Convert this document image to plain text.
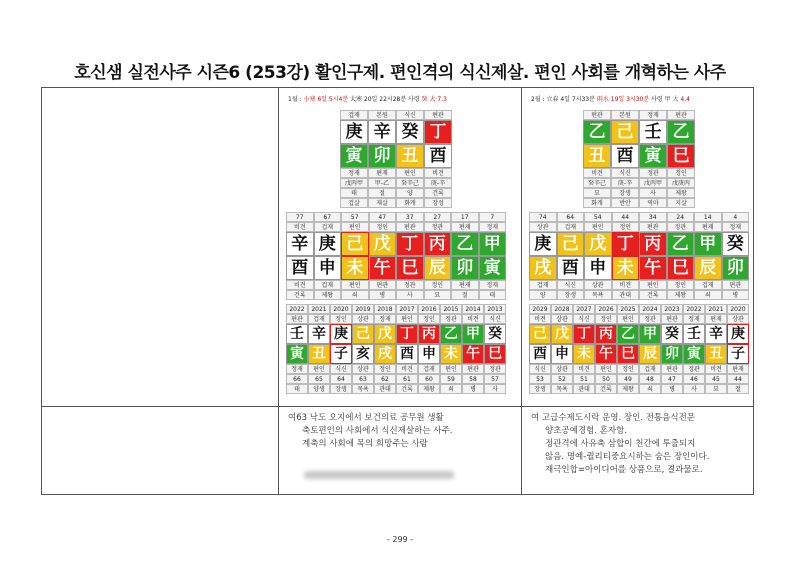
호신샘 실전사주 시즌6 (253강) 활인구제. 편인격의 식신제살. 편인 사회를 개혁하는 사주
1월 : 小寒 6일 5시4분 大寒 20일 22시28분 사령 癸 大 7.3
겁재	본원	식신	편관
庚 辛 癸 丁
寅 卯 丑 酉
정재	편재	편인	비견
戊丙甲	甲-乙	癸辛己	庚-辛
태	절	양	건록
겁살	재살	화개	장성
77	67	57	47	37	27	17	7
비견	겁재	편인	정인	편관	정관	편재	정재
辛 庚 己 戊 丁 丙 乙 甲
酉 申 未 午 巳 辰 卯 寅
비견	겁재	편인	편관	정관	정인	편재	정재
건록	제왕	쇠	병	사	묘	절	태
2022	2021	2020	2019	2018	2017	2016	2015	2014	2013
편관	겁재	정인	상관	정재	편인	정인	정관	비견	식신
壬 辛 庚 己 戊 丁 丙 乙 甲 癸
寅 丑 子 亥 戌 酉 申 未 午 巳
정재	편인	식신	상관	정인	비견	겁재	편인	편관	정관
66	65	64	63	62	61	60	59	58	57
태	양생	장생	목욕	관대	건록	제왕	쇠	병	사
2월 : 立春 4일 7시33분 雨水 19일 3시30분 사령 甲 大 4.4
편관	본원	정재	편관
乙 己 壬 乙
丑 酉 寅 巳
비견	식신	정관	정인
癸辛己	庚-辛	戊丙甲	戊庚丙
묘	장생	사	제왕
화개	반안	역마	지살
74	64	54	44	34	24	14	4
상관	겁재	편인	정인	편관	정관	편재	정재
庚 己 戊 丁 丙 乙 甲 癸
戌 酉 申 未 午 巳 辰 卯
겁재	식신	상관	비견	편인	정인	겁재	편관
양	장생	목욕	관대	건록	제왕	쇠	병
2029	2028	2027	2026	2025	2024	2023	2022	2021	2020
비견	상관	식신	정인	편인	정관	편관	정재	편재	상관
己 戊 丁 丙 乙 甲 癸 壬 辛 庚
酉 申 未 午 巳 辰 卯 寅 丑 子
식신	상관	비견	편인	정인	겁재	편관	정관	비견	편재
53	52	51	50	49	48	47	46	45	44
장생	목욕	관대	건록	제왕	쇠	병	사	묘	절
여63 낙도 오지에서 보건의료 공무원 생활
축토편인의 사회에서 식신제살하는 사주.
계축의 사회에 목의 희망주는 사람
여 고급수제도시락 운영. 장인. 전통음식전문
양초공예경험. 혼자함.
정관격에 사유축 삼합이 천간에 투출되지
않음. 명예-퀄리티중요시하는 숨은 장인이다.
재극인합=아이디어를 상품으로, 결과물로.
- 299 -
